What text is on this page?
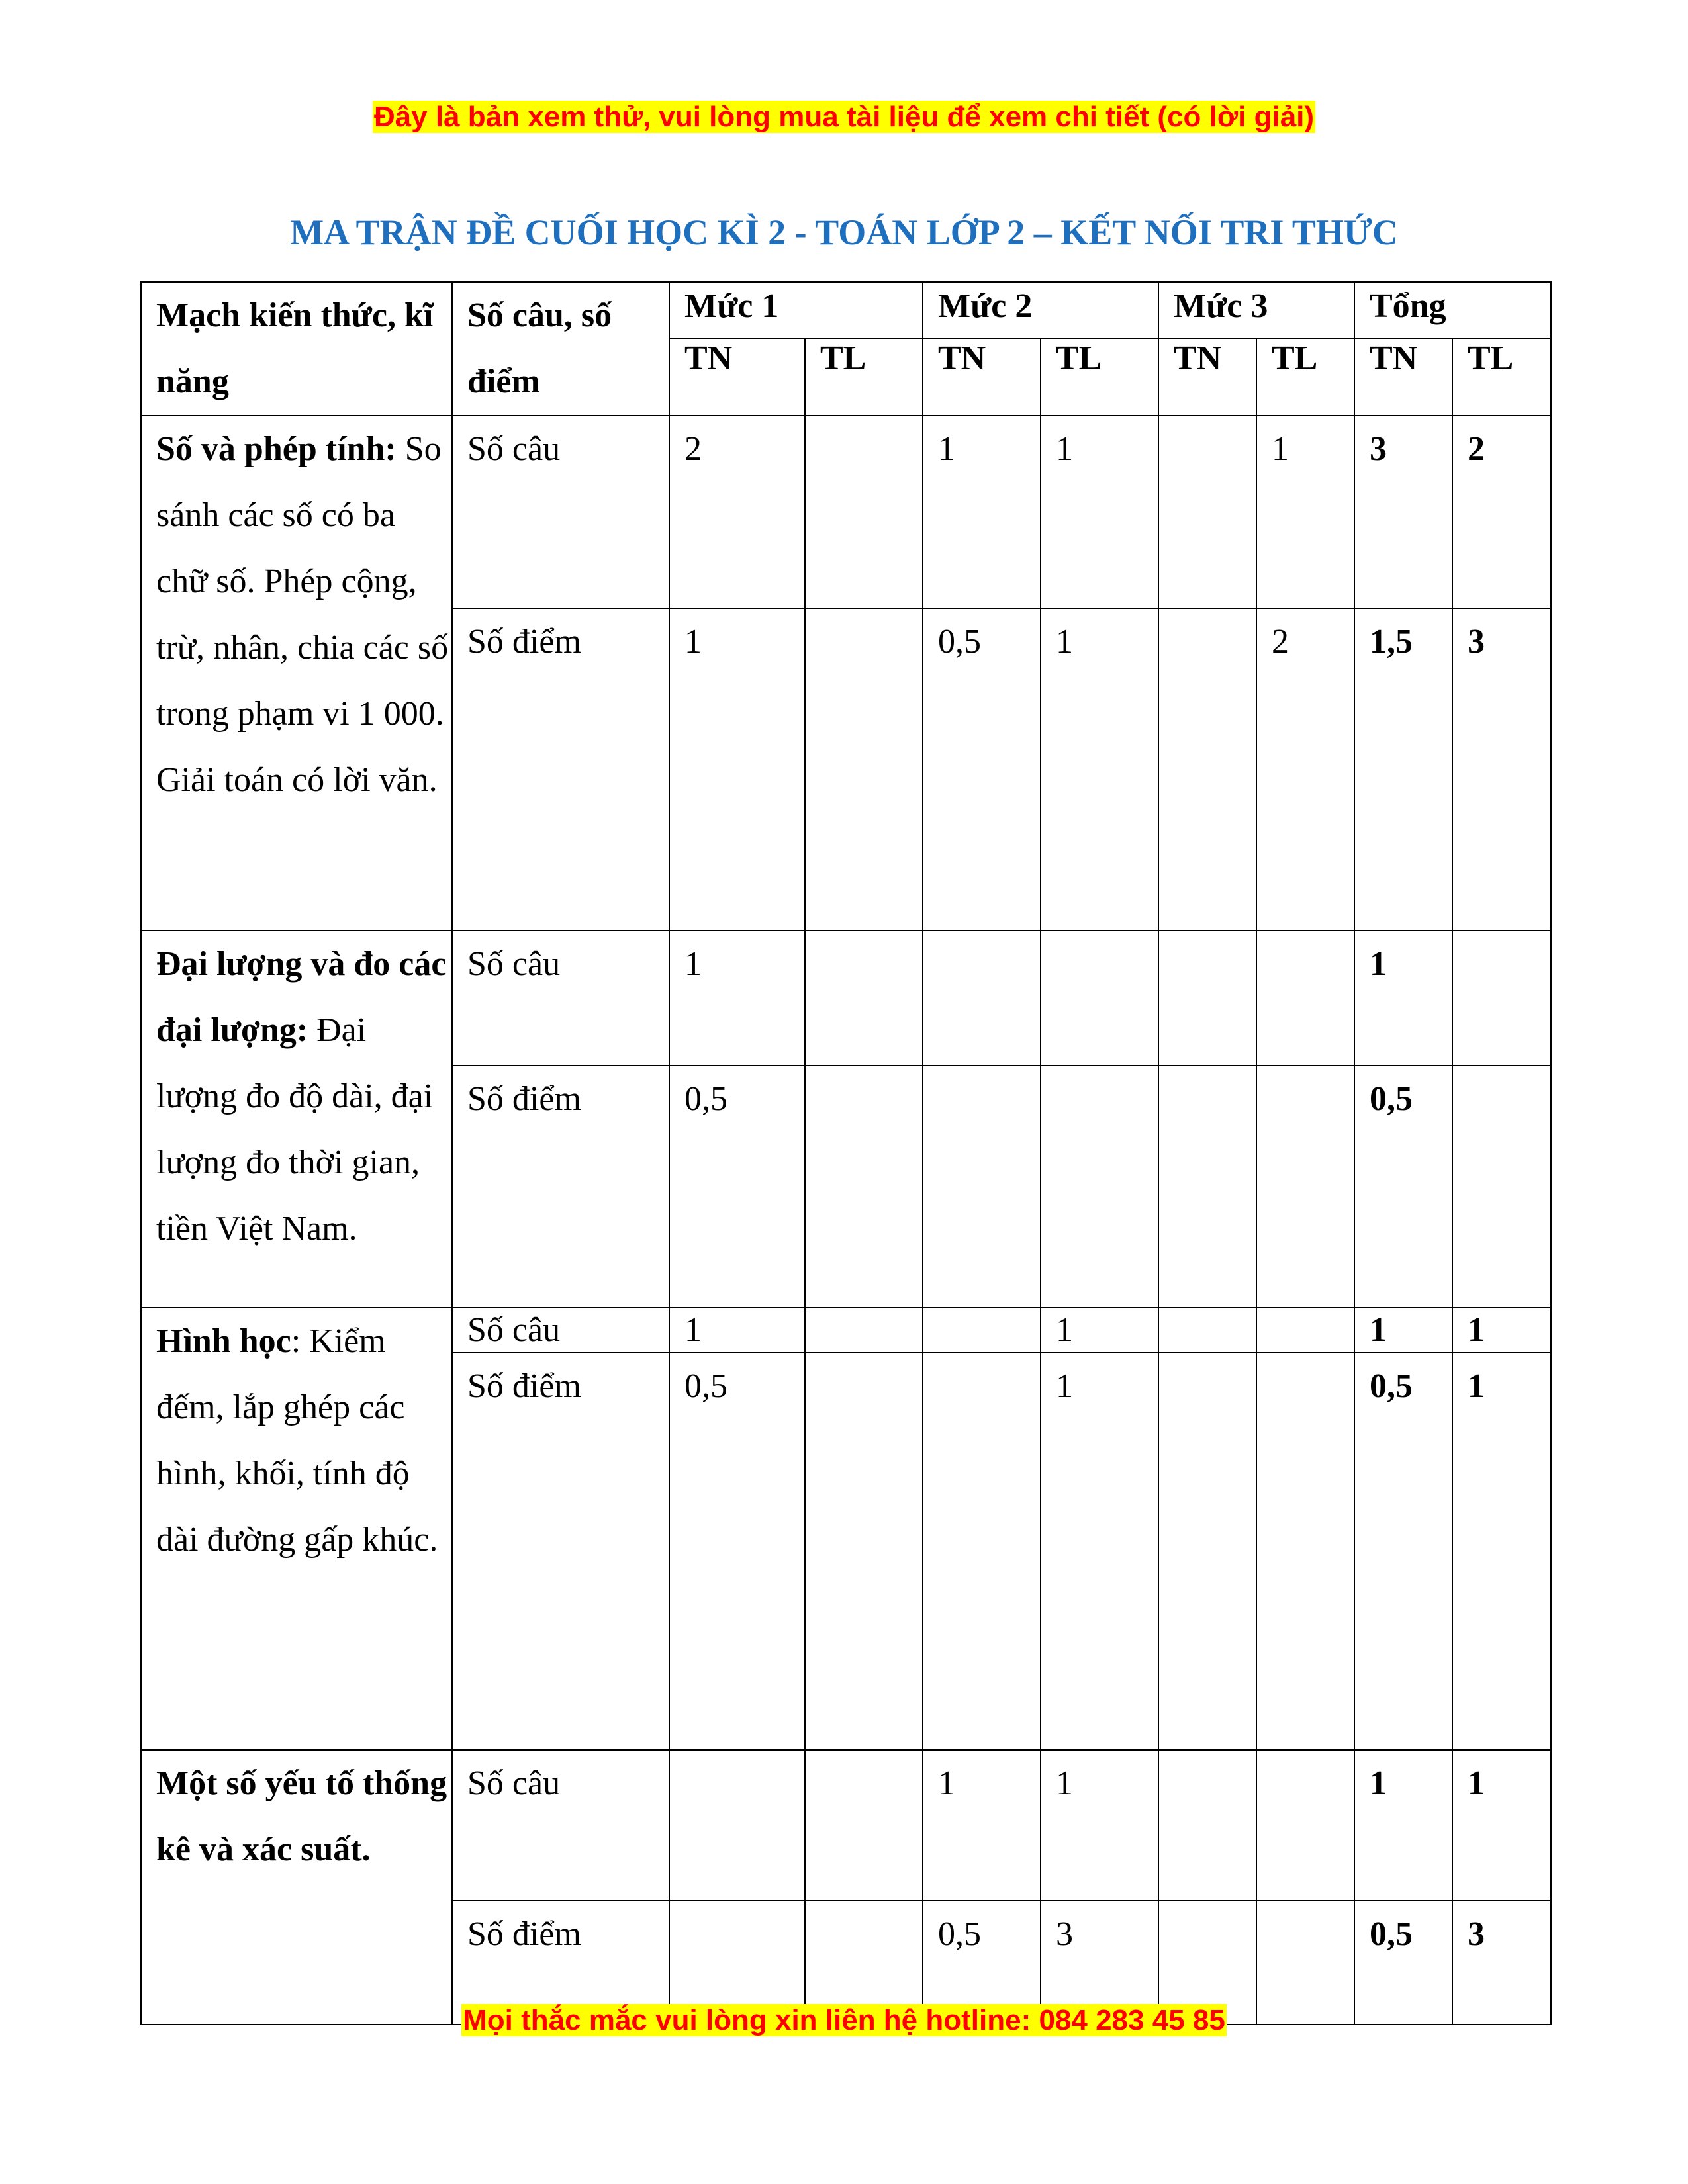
Đây là bản xem thử, vui lòng mua tài liệu để xem chi tiết (có lời giải)
MA TRẬN ĐỀ CUỐI HỌC KÌ 2 - TOÁN LỚP 2 – KẾT NỐI TRI THỨC
Mạch kiến thức, kĩ năng	Số câu, số điểm	Mức 1		Mức 2		Mức 3		Tổng	
		TN	TL	TN	TL	TN	TL	TN	TL
Số và phép tính: So sánh các số có ba chữ số. Phép cộng, trừ, nhân, chia các số trong phạm vi 1 000. Giải toán có lời văn.	Số câu	2		1	1		1	3	2
	Số điểm	1		0,5	1		2	1,5	3
Đại lượng và đo các đại lượng: Đại lượng đo độ dài, đại lượng đo thời gian, tiền Việt Nam.	Số câu	1						1	
	Số điểm	0,5						0,5	
Hình học: Kiểm đếm, lắp ghép các hình, khối, tính độ dài đường gấp khúc.	Số câu	1			1			1	1
	Số điểm	0,5			1			0,5	1
Một số yếu tố thống kê và xác suất.	Số câu			1	1			1	1
	Số điểm			0,5	3			0,5	3
Mọi thắc mắc vui lòng xin liên hệ hotline: 084 283 45 85
